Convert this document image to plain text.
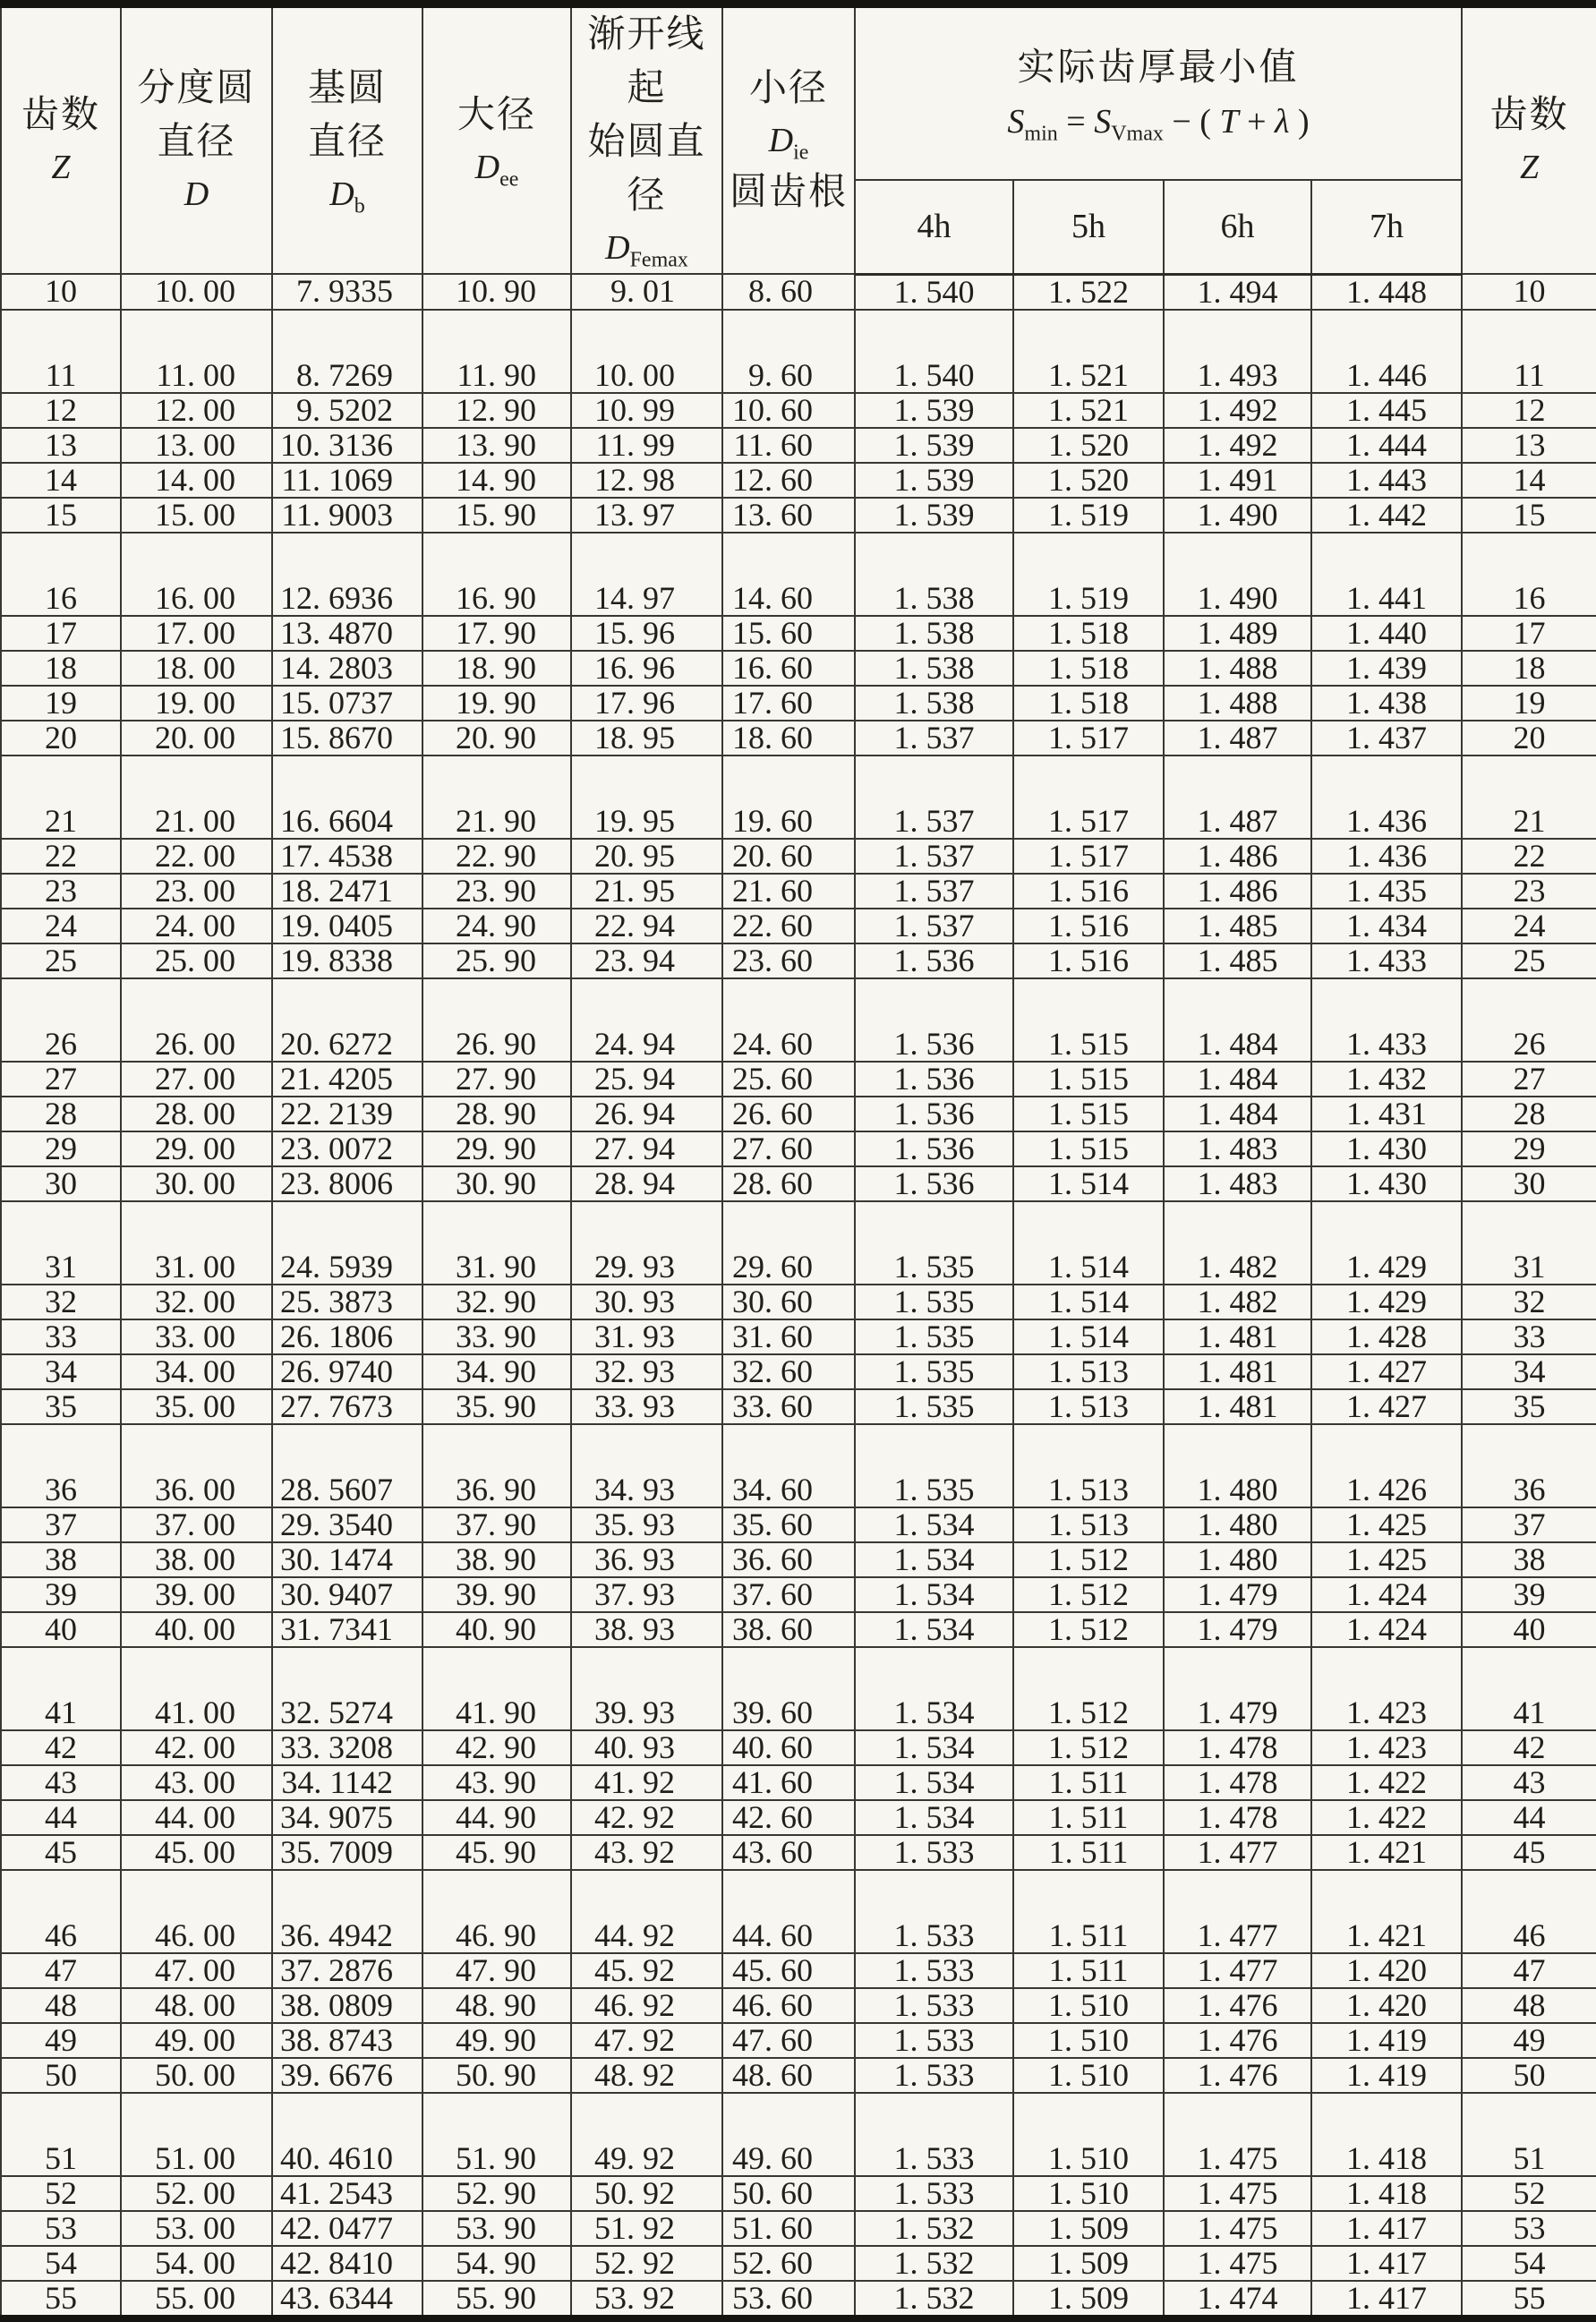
齿数
Z

分度圆
直径
D

基圆
直径
$D_b$

大径
$D_{ee}$

渐开线起
始圆直径
$D_{Femax}$

小径
$D_{ie}$
圆齿根

实际齿厚最小值
$S_{min} = S_{Vmax}$ − ( T + λ )	齿数
Z

						4h	5h	6h	7h	
10	10. 00	7. 9335	10. 90	9. 01	8. 60	1. 540	1. 522	1. 494	1. 448	10
11	11. 00	8. 7269	11. 90	10. 00	9. 60	1. 540	1. 521	1. 493	1. 446	11
12	12. 00	9. 5202	12. 90	10. 99	10. 60	1. 539	1. 521	1. 492	1. 445	12
13	13. 00	10. 3136	13. 90	11. 99	11. 60	1. 539	1. 520	1. 492	1. 444	13
14	14. 00	11. 1069	14. 90	12. 98	12. 60	1. 539	1. 520	1. 491	1. 443	14
15	15. 00	11. 9003	15. 90	13. 97	13. 60	1. 539	1. 519	1. 490	1. 442	15
16	16. 00	12. 6936	16. 90	14. 97	14. 60	1. 538	1. 519	1. 490	1. 441	16
17	17. 00	13. 4870	17. 90	15. 96	15. 60	1. 538	1. 518	1. 489	1. 440	17
18	18. 00	14. 2803	18. 90	16. 96	16. 60	1. 538	1. 518	1. 488	1. 439	18
19	19. 00	15. 0737	19. 90	17. 96	17. 60	1. 538	1. 518	1. 488	1. 438	19
20	20. 00	15. 8670	20. 90	18. 95	18. 60	1. 537	1. 517	1. 487	1. 437	20
21	21. 00	16. 6604	21. 90	19. 95	19. 60	1. 537	1. 517	1. 487	1. 436	21
22	22. 00	17. 4538	22. 90	20. 95	20. 60	1. 537	1. 517	1. 486	1. 436	22
23	23. 00	18. 2471	23. 90	21. 95	21. 60	1. 537	1. 516	1. 486	1. 435	23
24	24. 00	19. 0405	24. 90	22. 94	22. 60	1. 537	1. 516	1. 485	1. 434	24
25	25. 00	19. 8338	25. 90	23. 94	23. 60	1. 536	1. 516	1. 485	1. 433	25
26	26. 00	20. 6272	26. 90	24. 94	24. 60	1. 536	1. 515	1. 484	1. 433	26
27	27. 00	21. 4205	27. 90	25. 94	25. 60	1. 536	1. 515	1. 484	1. 432	27
28	28. 00	22. 2139	28. 90	26. 94	26. 60	1. 536	1. 515	1. 484	1. 431	28
29	29. 00	23. 0072	29. 90	27. 94	27. 60	1. 536	1. 515	1. 483	1. 430	29
30	30. 00	23. 8006	30. 90	28. 94	28. 60	1. 536	1. 514	1. 483	1. 430	30
31	31. 00	24. 5939	31. 90	29. 93	29. 60	1. 535	1. 514	1. 482	1. 429	31
32	32. 00	25. 3873	32. 90	30. 93	30. 60	1. 535	1. 514	1. 482	1. 429	32
33	33. 00	26. 1806	33. 90	31. 93	31. 60	1. 535	1. 514	1. 481	1. 428	33
34	34. 00	26. 9740	34. 90	32. 93	32. 60	1. 535	1. 513	1. 481	1. 427	34
35	35. 00	27. 7673	35. 90	33. 93	33. 60	1. 535	1. 513	1. 481	1. 427	35
36	36. 00	28. 5607	36. 90	34. 93	34. 60	1. 535	1. 513	1. 480	1. 426	36
37	37. 00	29. 3540	37. 90	35. 93	35. 60	1. 534	1. 513	1. 480	1. 425	37
38	38. 00	30. 1474	38. 90	36. 93	36. 60	1. 534	1. 512	1. 480	1. 425	38
39	39. 00	30. 9407	39. 90	37. 93	37. 60	1. 534	1. 512	1. 479	1. 424	39
40	40. 00	31. 7341	40. 90	38. 93	38. 60	1. 534	1. 512	1. 479	1. 424	40
41	41. 00	32. 5274	41. 90	39. 93	39. 60	1. 534	1. 512	1. 479	1. 423	41
42	42. 00	33. 3208	42. 90	40. 93	40. 60	1. 534	1. 512	1. 478	1. 423	42
43	43. 00	34. 1142	43. 90	41. 92	41. 60	1. 534	1. 511	1. 478	1. 422	43
44	44. 00	34. 9075	44. 90	42. 92	42. 60	1. 534	1. 511	1. 478	1. 422	44
45	45. 00	35. 7009	45. 90	43. 92	43. 60	1. 533	1. 511	1. 477	1. 421	45
46	46. 00	36. 4942	46. 90	44. 92	44. 60	1. 533	1. 511	1. 477	1. 421	46
47	47. 00	37. 2876	47. 90	45. 92	45. 60	1. 533	1. 511	1. 477	1. 420	47
48	48. 00	38. 0809	48. 90	46. 92	46. 60	1. 533	1. 510	1. 476	1. 420	48
49	49. 00	38. 8743	49. 90	47. 92	47. 60	1. 533	1. 510	1. 476	1. 419	49
50	50. 00	39. 6676	50. 90	48. 92	48. 60	1. 533	1. 510	1. 476	1. 419	50
51	51. 00	40. 4610	51. 90	49. 92	49. 60	1. 533	1. 510	1. 475	1. 418	51
52	52. 00	41. 2543	52. 90	50. 92	50. 60	1. 533	1. 510	1. 475	1. 418	52
53	53. 00	42. 0477	53. 90	51. 92	51. 60	1. 532	1. 509	1. 475	1. 417	53
54	54. 00	42. 8410	54. 90	52. 92	52. 60	1. 532	1. 509	1. 475	1. 417	54
55	55. 00	43. 6344	55. 90	53. 92	53. 60	1. 532	1. 509	1. 474	1. 417	55
